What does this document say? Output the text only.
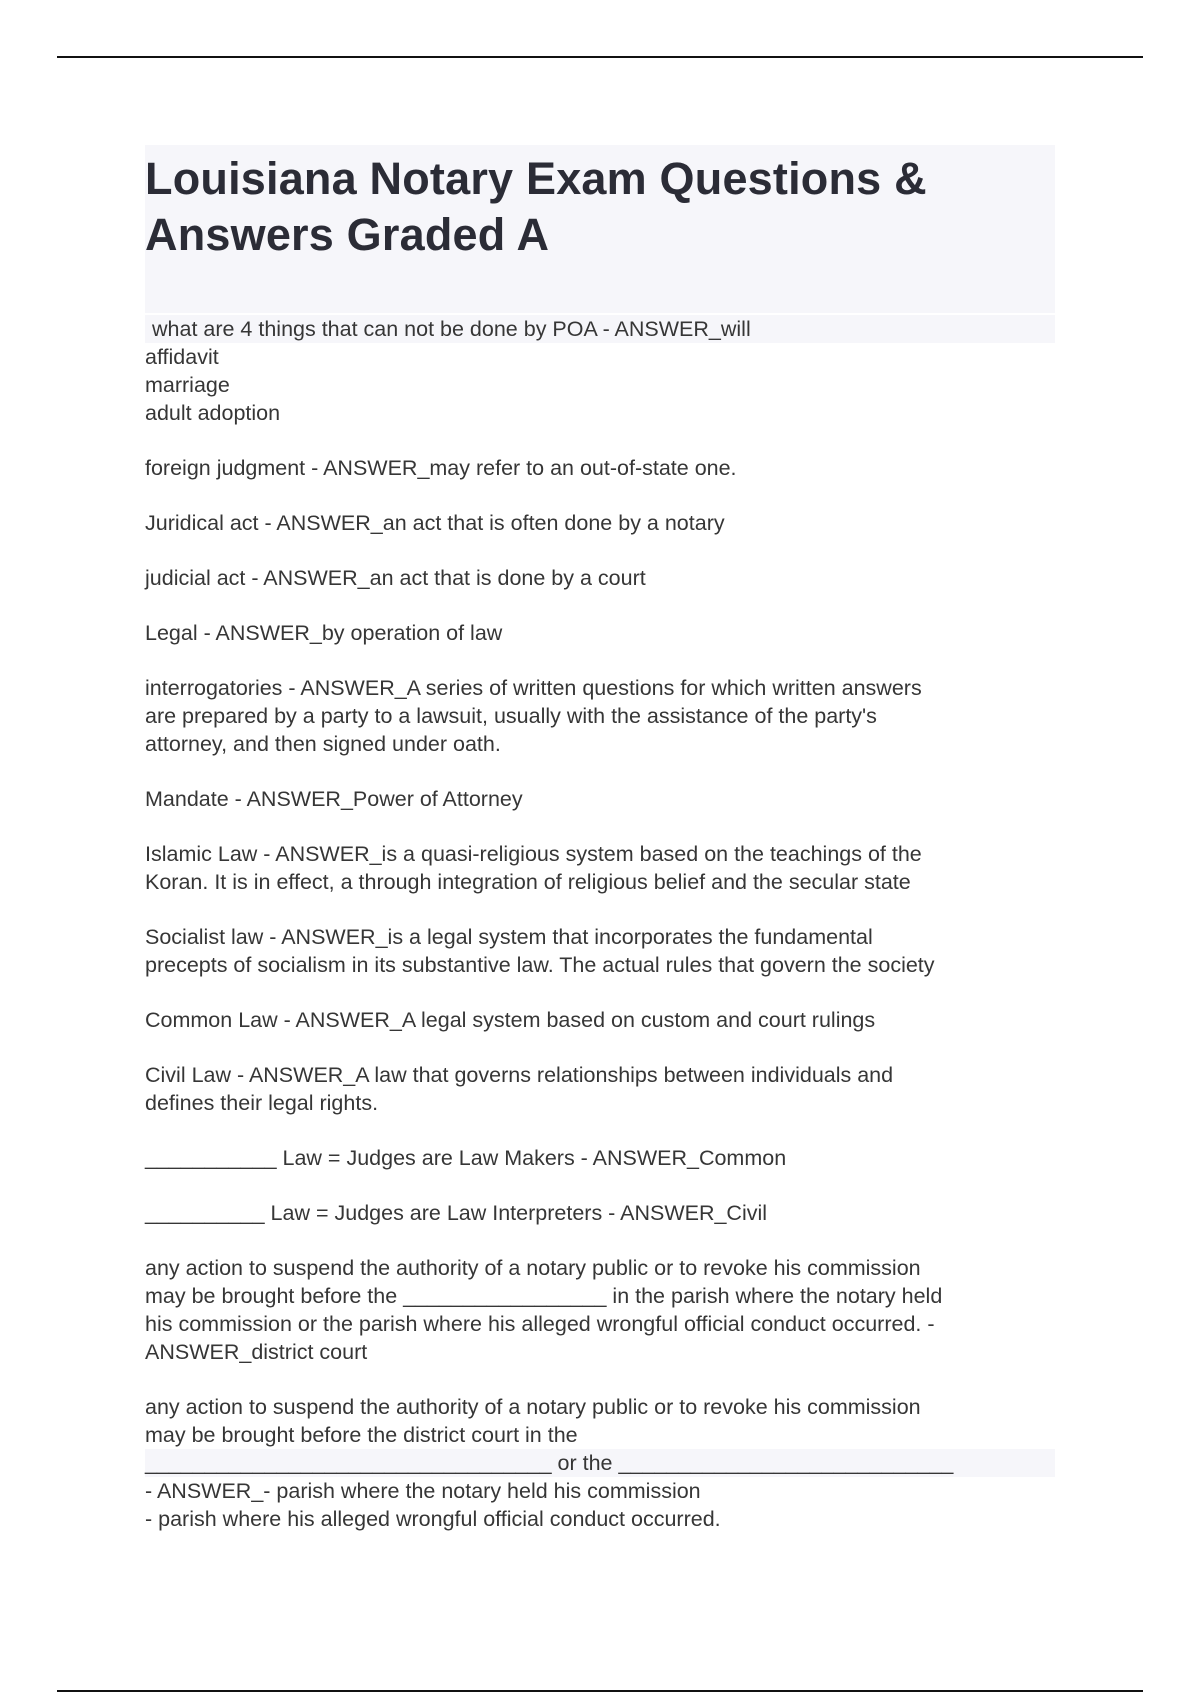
Louisiana Notary Exam Questions &
Answers Graded A
what are 4 things that can not be done by POA - ANSWER_will
affidavit
marriage
adult adoption
foreign judgment - ANSWER_may refer to an out-of-state one.
Juridical act - ANSWER_an act that is often done by a notary
judicial act - ANSWER_an act that is done by a court
Legal - ANSWER_by operation of law
interrogatories - ANSWER_A series of written questions for which written answers
are prepared by a party to a lawsuit, usually with the assistance of the party's
attorney, and then signed under oath.
Mandate - ANSWER_Power of Attorney
Islamic Law - ANSWER_is a quasi-religious system based on the teachings of the
Koran. It is in effect, a through integration of religious belief and the secular state
Socialist law - ANSWER_is a legal system that incorporates the fundamental
precepts of socialism in its substantive law. The actual rules that govern the society
Common Law - ANSWER_A legal system based on custom and court rulings
Civil Law - ANSWER_A law that governs relationships between individuals and
defines their legal rights.
___________ Law = Judges are Law Makers - ANSWER_Common
__________ Law = Judges are Law Interpreters - ANSWER_Civil
any action to suspend the authority of a notary public or to revoke his commission
may be brought before the _________________ in the parish where the notary held
his commission or the parish where his alleged wrongful official conduct occurred. -
ANSWER_district court
any action to suspend the authority of a notary public or to revoke his commission
may be brought before the district court in the
__________________________________ or the ____________________________
- ANSWER_- parish where the notary held his commission
- parish where his alleged wrongful official conduct occurred.
